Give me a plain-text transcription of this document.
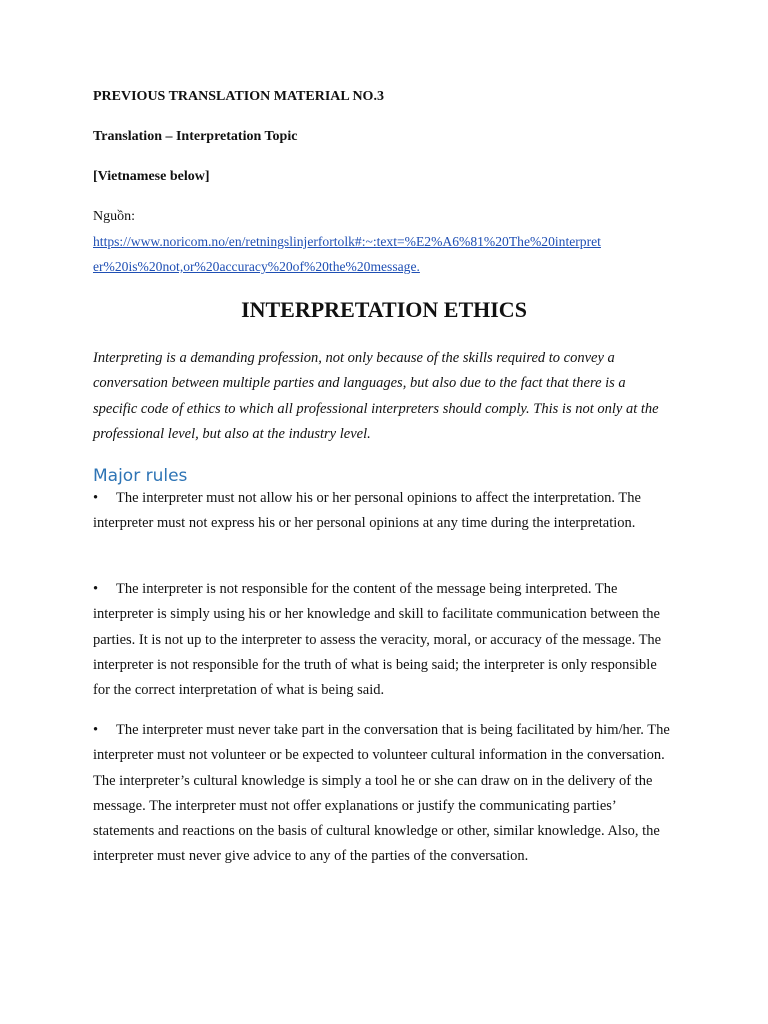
PREVIOUS TRANSLATION MATERIAL NO.3
Translation – Interpretation Topic
[Vietnamese below]
Nguồn:
https://www.noricom.no/en/retningslinjerfortolk#:~:text=%E2%A6%81%20The%20interpret
er%20is%20not,or%20accuracy%20of%20the%20message.
INTERPRETATION ETHICS
Interpreting is a demanding profession, not only because of the skills required to convey a conversation between multiple parties and languages, but also due to the fact that there is a specific code of ethics to which all professional interpreters should comply. This is not only at the professional level, but also at the industry level.
Major rules
• The interpreter must not allow his or her personal opinions to affect the interpretation. The interpreter must not express his or her personal opinions at any time during the interpretation.
• The interpreter is not responsible for the content of the message being interpreted. The interpreter is simply using his or her knowledge and skill to facilitate communication between the parties. It is not up to the interpreter to assess the veracity, moral, or accuracy of the message. The interpreter is not responsible for the truth of what is being said; the interpreter is only responsible for the correct interpretation of what is being said.
• The interpreter must never take part in the conversation that is being facilitated by him/her. The interpreter must not volunteer or be expected to volunteer cultural information in the conversation. The interpreter’s cultural knowledge is simply a tool he or she can draw on in the delivery of the message. The interpreter must not offer explanations or justify the communicating parties’ statements and reactions on the basis of cultural knowledge or other, similar knowledge. Also, the interpreter must never give advice to any of the parties of the conversation.
